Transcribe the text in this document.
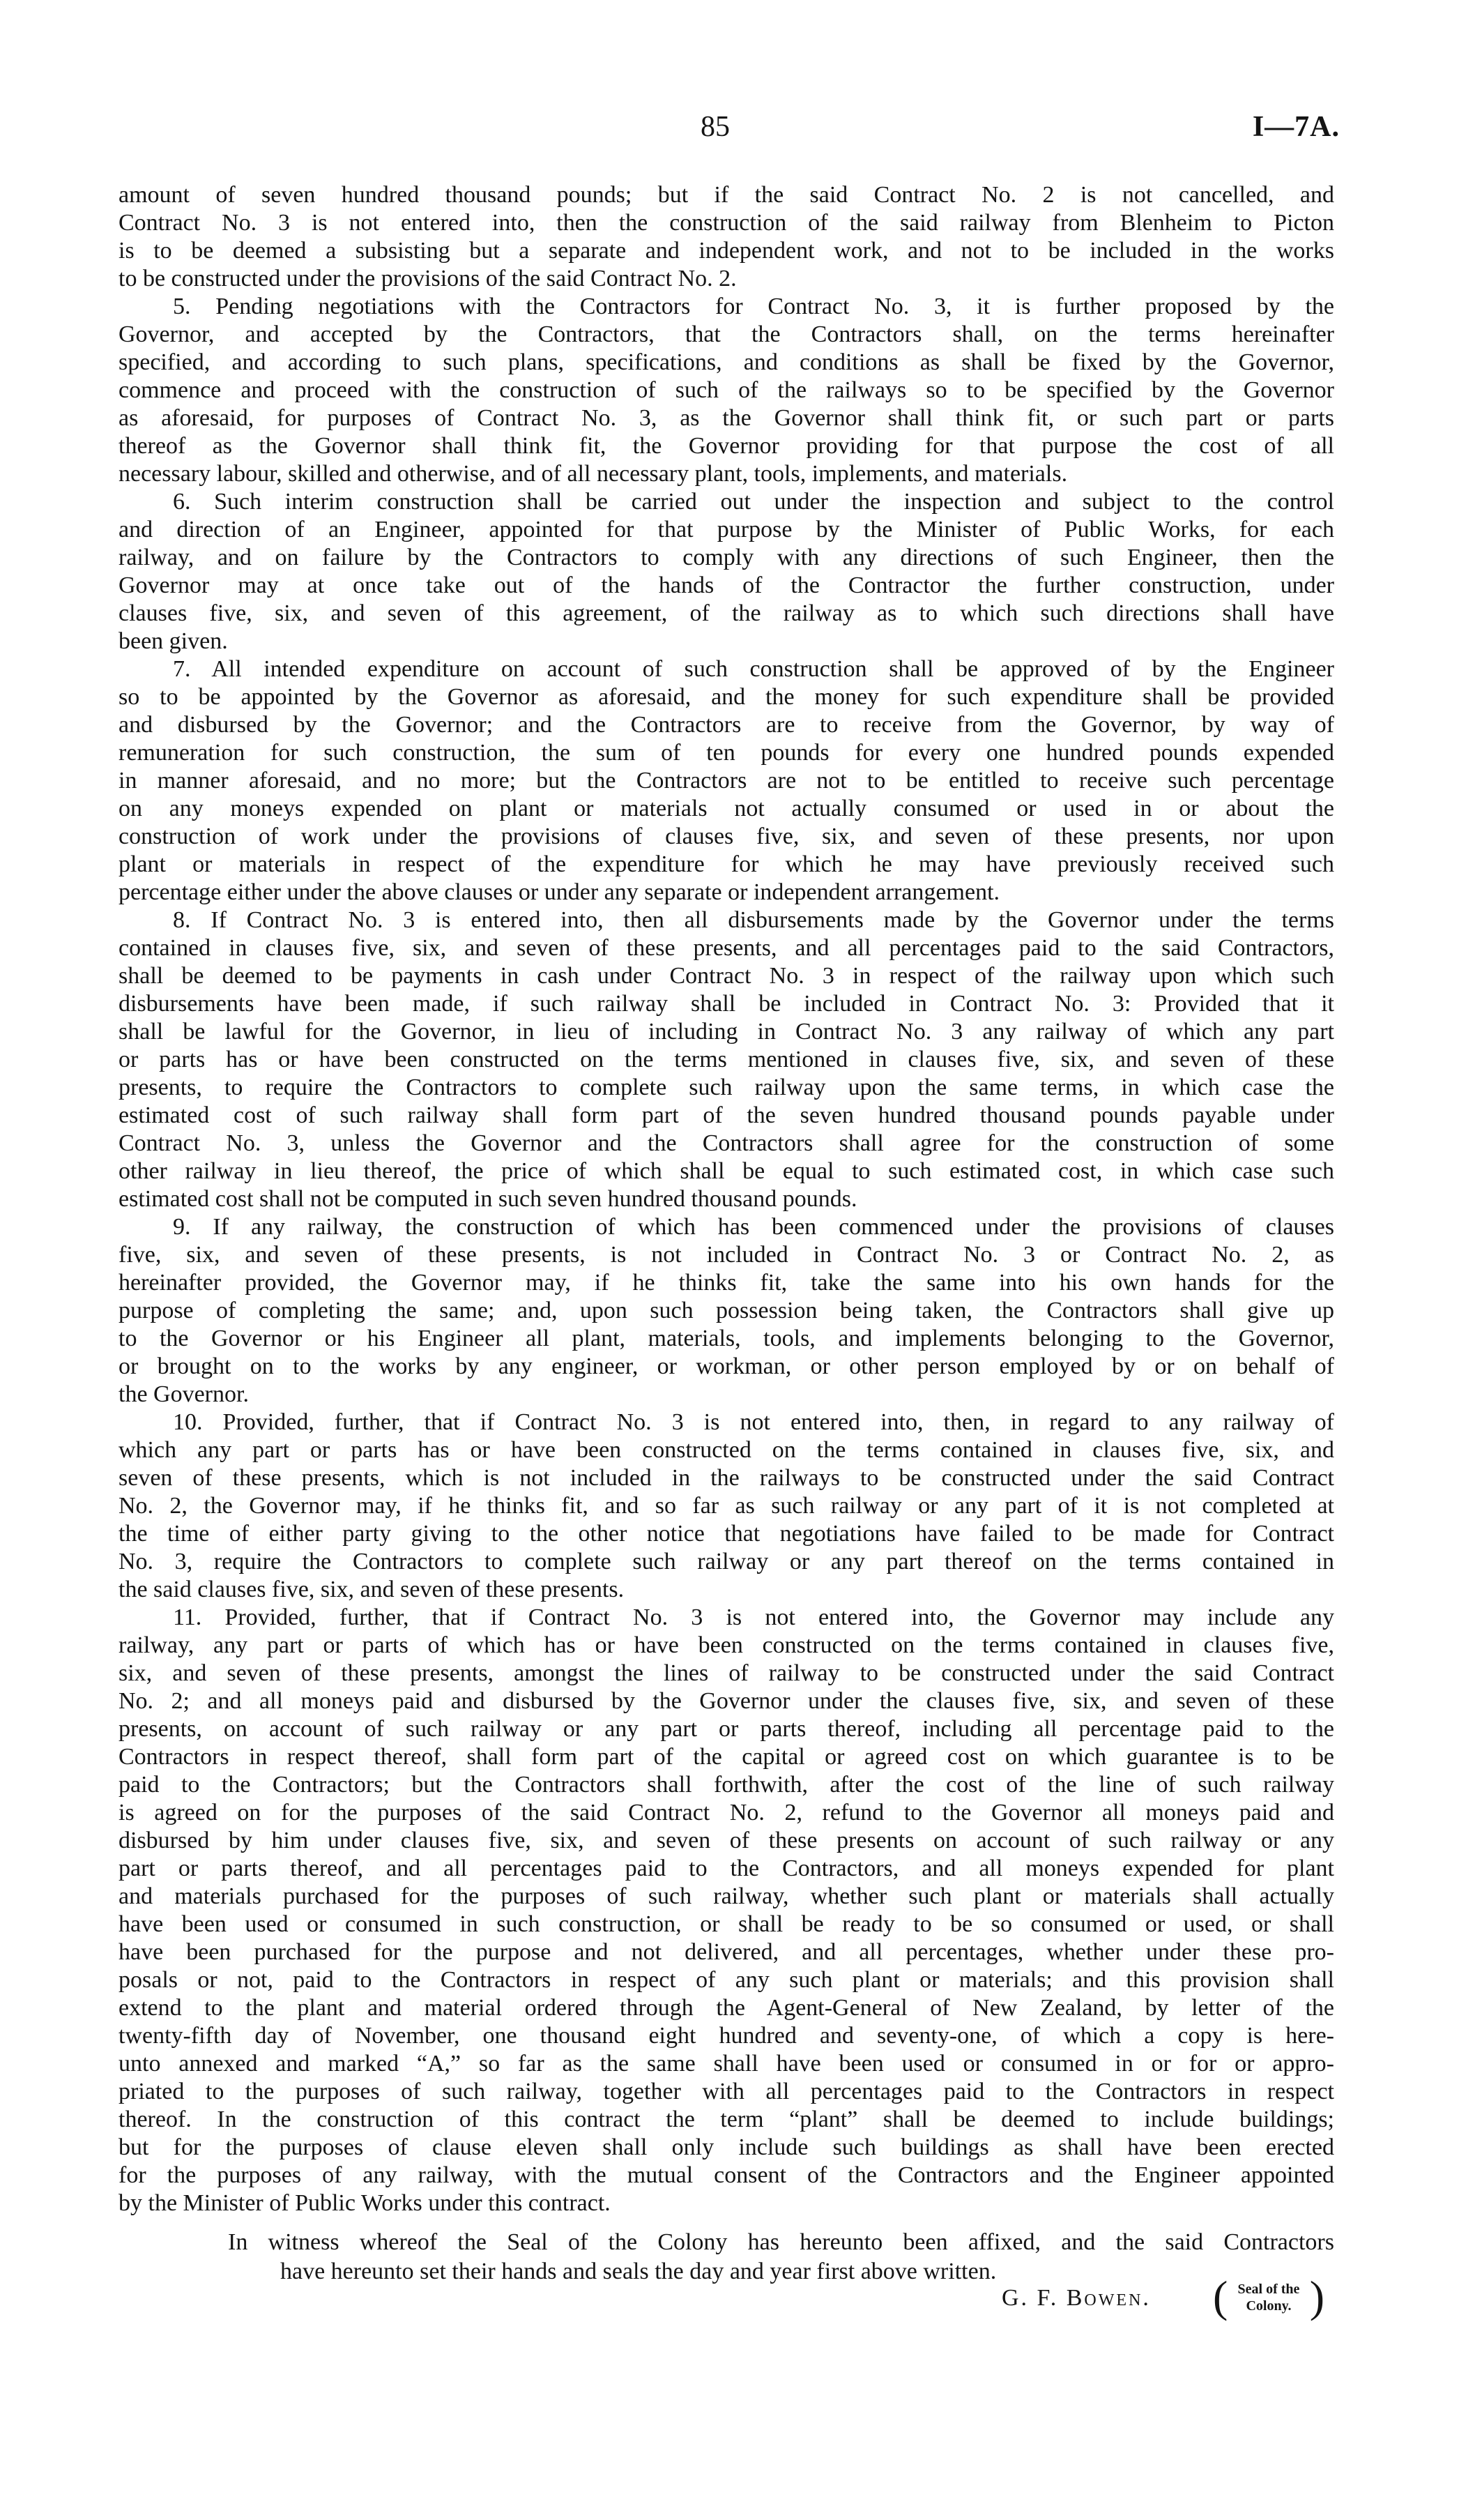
85	I—7A.
amount of seven hundred thousand pounds; but if the said Contract No. 2 is not cancelled, and
Contract No. 3 is not entered into, then the construction of the said railway from Blenheim to Picton
is to be deemed a subsisting but a separate and independent work, and not to be included in the works
to be constructed under the provisions of the said Contract No. 2.
5. Pending negotiations with the Contractors for Contract No. 3, it is further proposed by the
Governor, and accepted by the Contractors, that the Contractors shall, on the terms hereinafter
specified, and according to such plans, specifications, and conditions as shall be fixed by the Governor,
commence and proceed with the construction of such of the railways so to be specified by the Governor
as aforesaid, for purposes of Contract No. 3, as the Governor shall think fit, or such part or parts
thereof as the Governor shall think fit, the Governor providing for that purpose the cost of all
necessary labour, skilled and otherwise, and of all necessary plant, tools, implements, and materials.
6. Such interim construction shall be carried out under the inspection and subject to the control
and direction of an Engineer, appointed for that purpose by the Minister of Public Works, for each
railway, and on failure by the Contractors to comply with any directions of such Engineer, then the
Governor may at once take out of the hands of the Contractor the further construction, under
clauses five, six, and seven of this agreement, of the railway as to which such directions shall have
been given.
7. All intended expenditure on account of such construction shall be approved of by the Engineer
so to be appointed by the Governor as aforesaid, and the money for such expenditure shall be provided
and disbursed by the Governor; and the Contractors are to receive from the Governor, by way of
remuneration for such construction, the sum of ten pounds for every one hundred pounds expended
in manner aforesaid, and no more; but the Contractors are not to be entitled to receive such percentage
on any moneys expended on plant or materials not actually consumed or used in or about the
construction of work under the provisions of clauses five, six, and seven of these presents, nor upon
plant or materials in respect of the expenditure for which he may have previously received such
percentage either under the above clauses or under any separate or independent arrangement.
8. If Contract No. 3 is entered into, then all disbursements made by the Governor under the terms
contained in clauses five, six, and seven of these presents, and all percentages paid to the said Contractors,
shall be deemed to be payments in cash under Contract No. 3 in respect of the railway upon which such
disbursements have been made, if such railway shall be included in Contract No. 3: Provided that it
shall be lawful for the Governor, in lieu of including in Contract No. 3 any railway of which any part
or parts has or have been constructed on the terms mentioned in clauses five, six, and seven of these
presents, to require the Contractors to complete such railway upon the same terms, in which case the
estimated cost of such railway shall form part of the seven hundred thousand pounds payable under
Contract No. 3, unless the Governor and the Contractors shall agree for the construction of some
other railway in lieu thereof, the price of which shall be equal to such estimated cost, in which case such
estimated cost shall not be computed in such seven hundred thousand pounds.
9. If any railway, the construction of which has been commenced under the provisions of clauses
five, six, and seven of these presents, is not included in Contract No. 3 or Contract No. 2, as
hereinafter provided, the Governor may, if he thinks fit, take the same into his own hands for the
purpose of completing the same; and, upon such possession being taken, the Contractors shall give up
to the Governor or his Engineer all plant, materials, tools, and implements belonging to the Governor,
or brought on to the works by any engineer, or workman, or other person employed by or on behalf of
the Governor.
10. Provided, further, that if Contract No. 3 is not entered into, then, in regard to any railway of
which any part or parts has or have been constructed on the terms contained in clauses five, six, and
seven of these presents, which is not included in the railways to be constructed under the said Contract
No. 2, the Governor may, if he thinks fit, and so far as such railway or any part of it is not completed at
the time of either party giving to the other notice that negotiations have failed to be made for Contract
No. 3, require the Contractors to complete such railway or any part thereof on the terms contained in
the said clauses five, six, and seven of these presents.
11. Provided, further, that if Contract No. 3 is not entered into, the Governor may include any
railway, any part or parts of which has or have been constructed on the terms contained in clauses five,
six, and seven of these presents, amongst the lines of railway to be constructed under the said Contract
No. 2; and all moneys paid and disbursed by the Governor under the clauses five, six, and seven of these
presents, on account of such railway or any part or parts thereof, including all percentage paid to the
Contractors in respect thereof, shall form part of the capital or agreed cost on which guarantee is to be
paid to the Contractors; but the Contractors shall forthwith, after the cost of the line of such railway
is agreed on for the purposes of the said Contract No. 2, refund to the Governor all moneys paid and
disbursed by him under clauses five, six, and seven of these presents on account of such railway or any
part or parts thereof, and all percentages paid to the Contractors, and all moneys expended for plant
and materials purchased for the purposes of such railway, whether such plant or materials shall actually
have been used or consumed in such construction, or shall be ready to be so consumed or used, or shall
have been purchased for the purpose and not delivered, and all percentages, whether under these pro-
posals or not, paid to the Contractors in respect of any such plant or materials; and this provision shall
extend to the plant and material ordered through the Agent-General of New Zealand, by letter of the
twenty-fifth day of November, one thousand eight hundred and seventy-one, of which a copy is here-
unto annexed and marked “A,” so far as the same shall have been used or consumed in or for or appro-
priated to the purposes of such railway, together with all percentages paid to the Contractors in respect
thereof. In the construction of this contract the term “plant” shall be deemed to include buildings;
but for the purposes of clause eleven shall only include such buildings as shall have been erected
for the purposes of any railway, with the mutual consent of the Contractors and the Engineer appointed
by the Minister of Public Works under this contract.
In witness whereof the Seal of the Colony has hereunto been affixed, and the said Contractors
have hereunto set their hands and seals the day and year first above written.
G. F. Bowen. ( Seal of the
Colony. )
